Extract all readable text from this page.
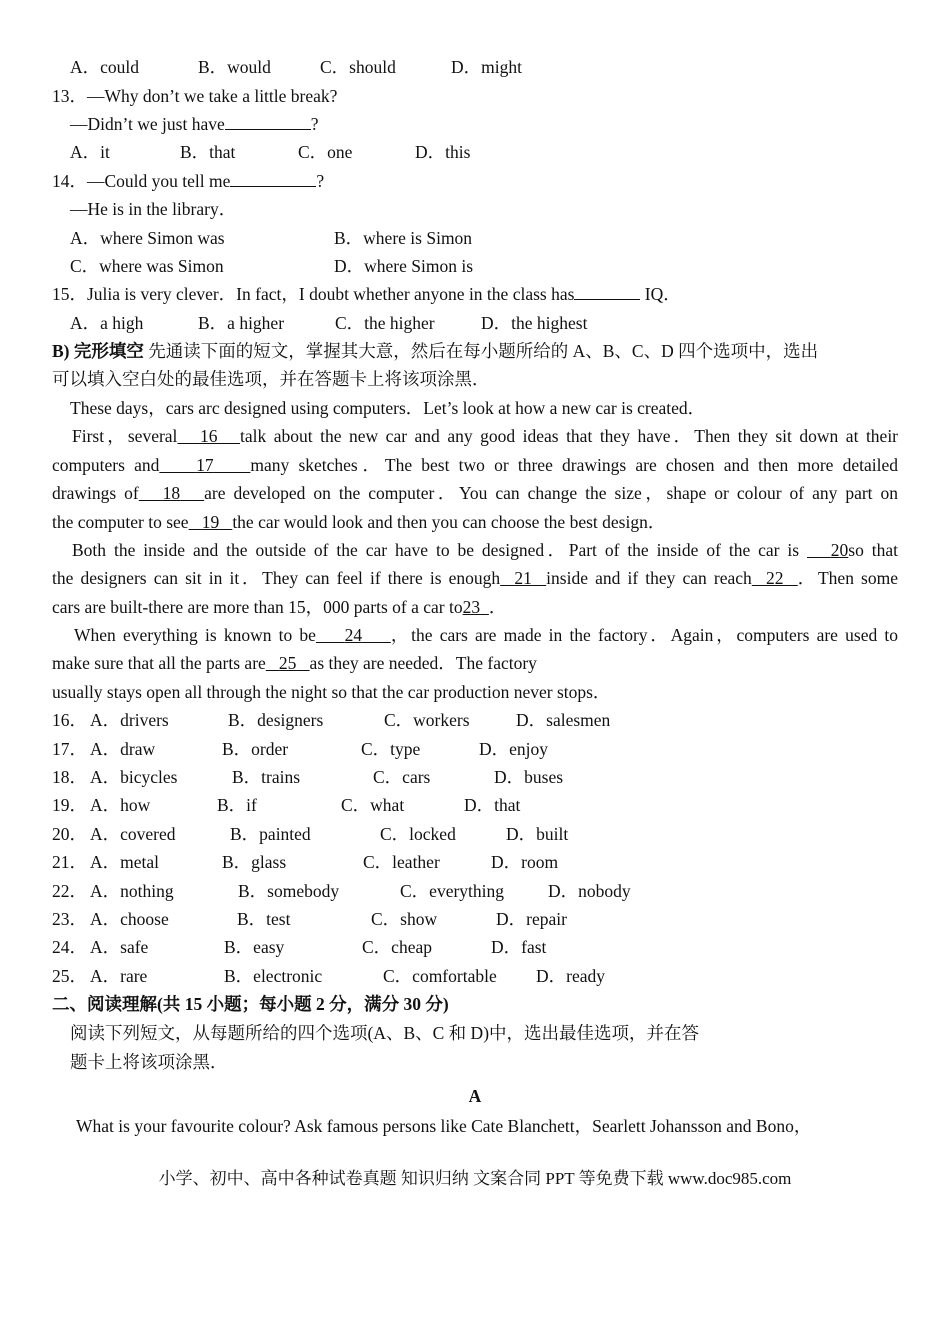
A．could	B．would	C．should	D．might
13．—Why don’t we take a little break?
—Didn’t we just have	?
A．it	B．that	C．one	D．this
14．—Could you tell me	?
—He is in the library．
A．where Simon was	B．where is Simon
C．where was Simon	D．where Simon is
15．Julia is very clever．In fact，I doubt whether anyone in the class has	IQ．
A．a high	B．a higher	C．the higher	D．the highest
B) 完形填空 先通读下面的短文，掌握其大意，然后在每小题所给的 A、B、C、D 四个选项中，选出
可以填入空白处的最佳选项，并在答题卡上将该项涂黑．
These days，cars arc designed using computers．Let’s look at how a new car is created．
First，several 16 talk about the new car and any good ideas that they have．Then they sit down at their
computers and 17 many sketches．The best two or three drawings are chosen and then more detailed
drawings of 18 are developed on the computer．You can change the size，shape or colour of any part on
the computer to see 19 the car would look and then you can choose the best design．
Both the inside and the outside of the car have to be designed．Part of the inside of the car is 20so that
the designers can sit in it．They can feel if there is enough 21 inside and if they can reach 22 ．Then some
cars are built-there are more than 15，000 parts of a car to23 ．
When everything is known to be 24 ，the cars are made in the factory．Again，computers are used to
make sure that all the parts are 25 as they are needed．The factory
usually stays open all through the night so that the car production never stops．
16． A．drivers	B．designers	C．workers	D．salesmen
17． A．draw	B．order	C．type	D．enjoy
18． A．bicycles	B．trains	C．cars	D．buses
19． A．how	B．if	C．what	D．that
20． A．covered	B．painted	C．locked	D．built
21． A．metal	B．glass	C．leather	D．room
22． A．nothing	B．somebody	C．everything	D．nobody
23． A．choose	B．test	C．show	D．repair
24． A．safe	B．easy	C．cheap	D．fast
25． A．rare	B．electronic	C．comfortable D．ready
二、阅读理解(共 15 小题；每小题 2 分，满分 30 分)
阅读下列短文，从每题所给的四个选项(A、B、C 和 D)中，选出最佳选项，并在答
题卡上将该项涂黑．
A
What is your favourite colour? Ask famous persons like Cate Blanchett，Searlett Johansson and Bono，
小学、初中、高中各种试卷真题 知识归纳 文案合同 PPT 等免费下载 www.doc985.com
